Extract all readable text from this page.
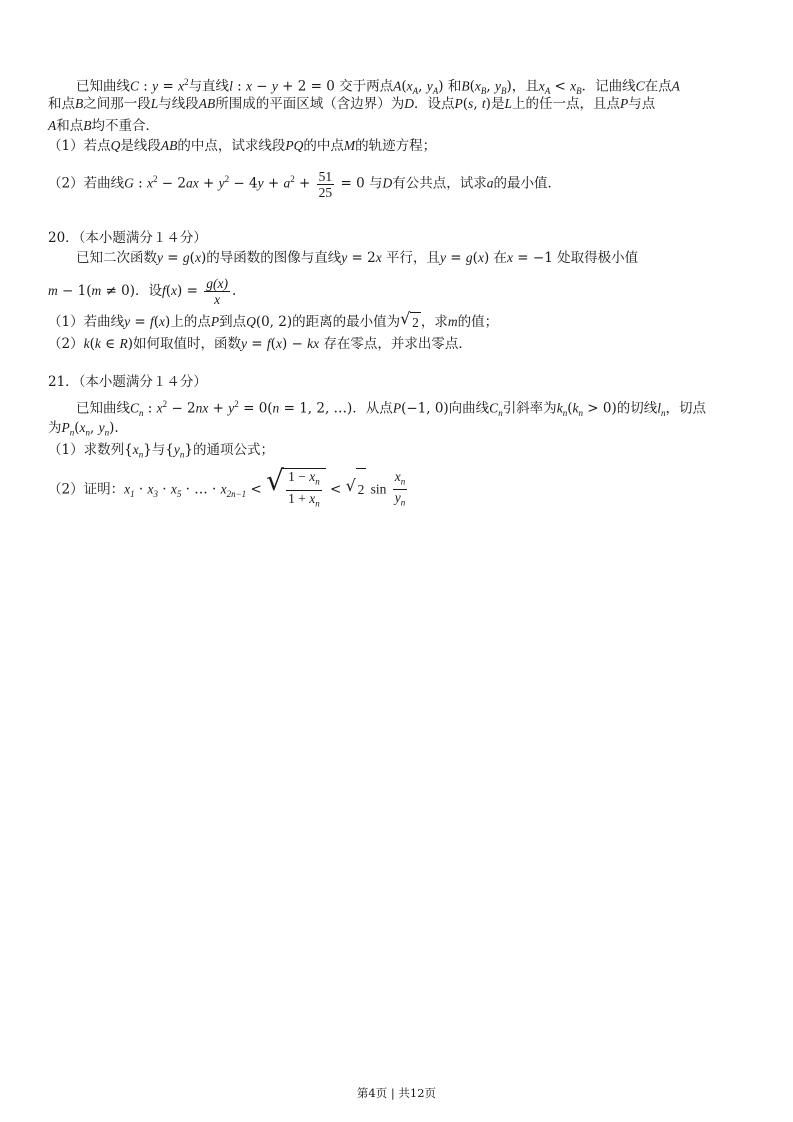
已知曲线C : $y = x^2$与直线l : x − y + 2 = 0 交于两点$A(x_A$, $y_A$) 和$B(x_B$, $y_B$)，且$x_A < x_B$．记曲线C在点A
和点B之间那一段L与线段AB所围成的平面区域（含边界）为D．设点P(s, t)是L上的任一点，且点P与点
A和点B均不重合．
（1）若点Q是线段AB的中点，试求线段PQ的中点M的轨迹方程；
（2）若曲线G : $x^2 - 2ax + y^2 - 4y + a^2 + \frac{51}{25} = 0$ 与D有公共点，试求a的最小值．
20．（本小题满分１４分）
已知二次函数y = g(x)的导函数的图像与直线y = 2x 平行，且y = g(x) 在x = −1 处取得极小值
m − 1(m ≠ 0)．设$f(x) = \frac{g(x)}{x}$ .
（1）若曲线y = f(x)上的点P到点Q(0, 2)的距离的最小值为 √ 2 ，求m的值；
（2）k(k ∈ R)如何取值时，函数y = f(x) − kx 存在零点，并求出零点．
21．（本小题满分１４分）
已知曲线$C_n$ : $x^2 - 2nx + y^2 = 0(n = 1$, 2, …)．从点P(−1, 0)向曲线$C_n$引斜率为$k_n(k_n > 0)$的切线$l_n$，切点
为$P_n(x_n$, $y_n$).
（1）求数列$\{x_n\}$与$\{y_n\}$的通项公式；
（2）证明：$x_1 \cdot x_3 \cdot x_5$ · … · $x_{2n-1}$ < √ $\frac{1 - x_n}{1 + x_n}$ < √ 2 $\sin \frac{x_n}{y_n}$
第4页 | 共12页
